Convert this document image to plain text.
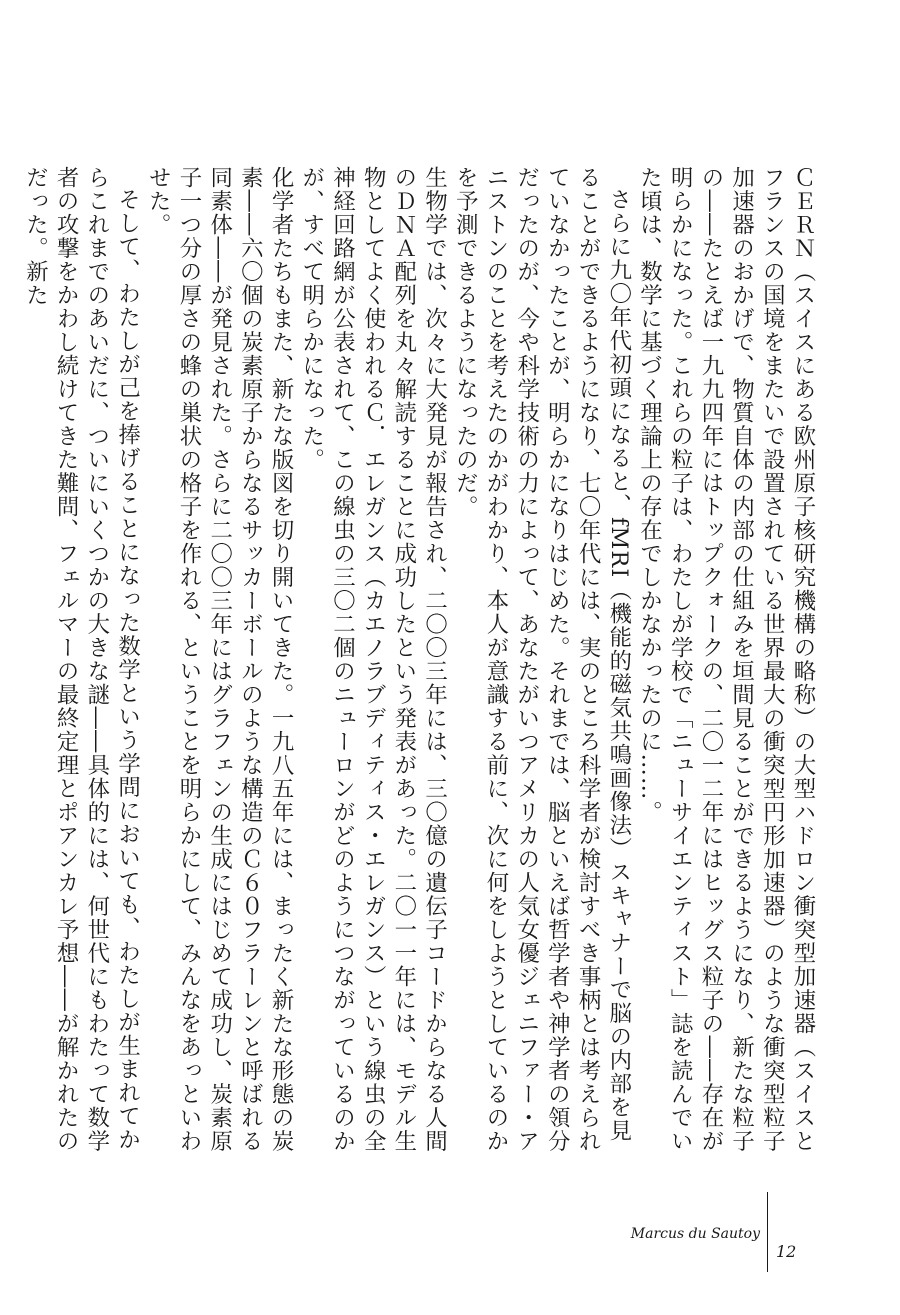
ＣＥＲＮ（スイスにある欧州原子核研究機構の略称）の大型ハドロン衝突型加速器（スイスとフランスの国境をまたいで設置されている世界最大の衝突型円形加速器）のような衝突型粒子加速器のおかげで、物質自体の内部の仕組みを垣間見ることができるようになり、新たな粒子の――たとえば一九九四年にはトップクォークの、二〇一二年にはヒッグス粒子の――存在が明らかになった。これらの粒子は、わたしが学校で「ニューサイエンティスト」誌を読んでいた頃は、数学に基づく理論上の存在でしかなかったのに……。

さらに九〇年代初頭になると、fMRI（機能的磁気共鳴画像法）スキャナーで脳の内部を見ることができるようになり、七〇年代には、実のところ科学者が検討すべき事柄とは考えられていなかったことが、明らかになりはじめた。それまでは、脳といえば哲学者や神学者の領分だったのが、今や科学技術の力によって、あなたがいつアメリカの人気女優ジェニファー・アニストンのことを考えたのかがわかり、本人が意識する前に、次に何をしようとしているのかを予測できるようになったのだ。

生物学では、次々に大発見が報告され、二〇〇三年には、三〇億の遺伝子コードからなる人間のＤＮＡ配列を丸々解読することに成功したという発表があった。二〇一一年には、モデル生物としてよく使われるＣ．エレガンス（カエノラブディティス・エレガンス）という線虫の全神経回路網が公表されて、この線虫の三〇二個のニューロンがどのようにつながっているのかが、すべて明らかになった。

化学者たちもまた、新たな版図を切り開いてきた。一九八五年には、まったく新たな形態の炭素――六〇個の炭素原子からなるサッカーボールのような構造のＣ６０フラーレンと呼ばれる同素体――が発見された。さらに二〇〇三年にはグラフェンの生成にはじめて成功し、炭素原子一つ分の厚さの蜂の巣状の格子を作れる、ということを明らかにして、みんなをあっといわせた。

そして、わたしが己を捧げることになった数学という学問においても、わたしが生まれてからこれまでのあいだに、ついにいくつかの大きな謎――具体的には、何世代にもわたって数学者の攻撃をかわし続けてきた難問、フェルマーの最終定理とポアンカレ予想――が解かれたのだった。新た

Marcus du Sautoy
12
